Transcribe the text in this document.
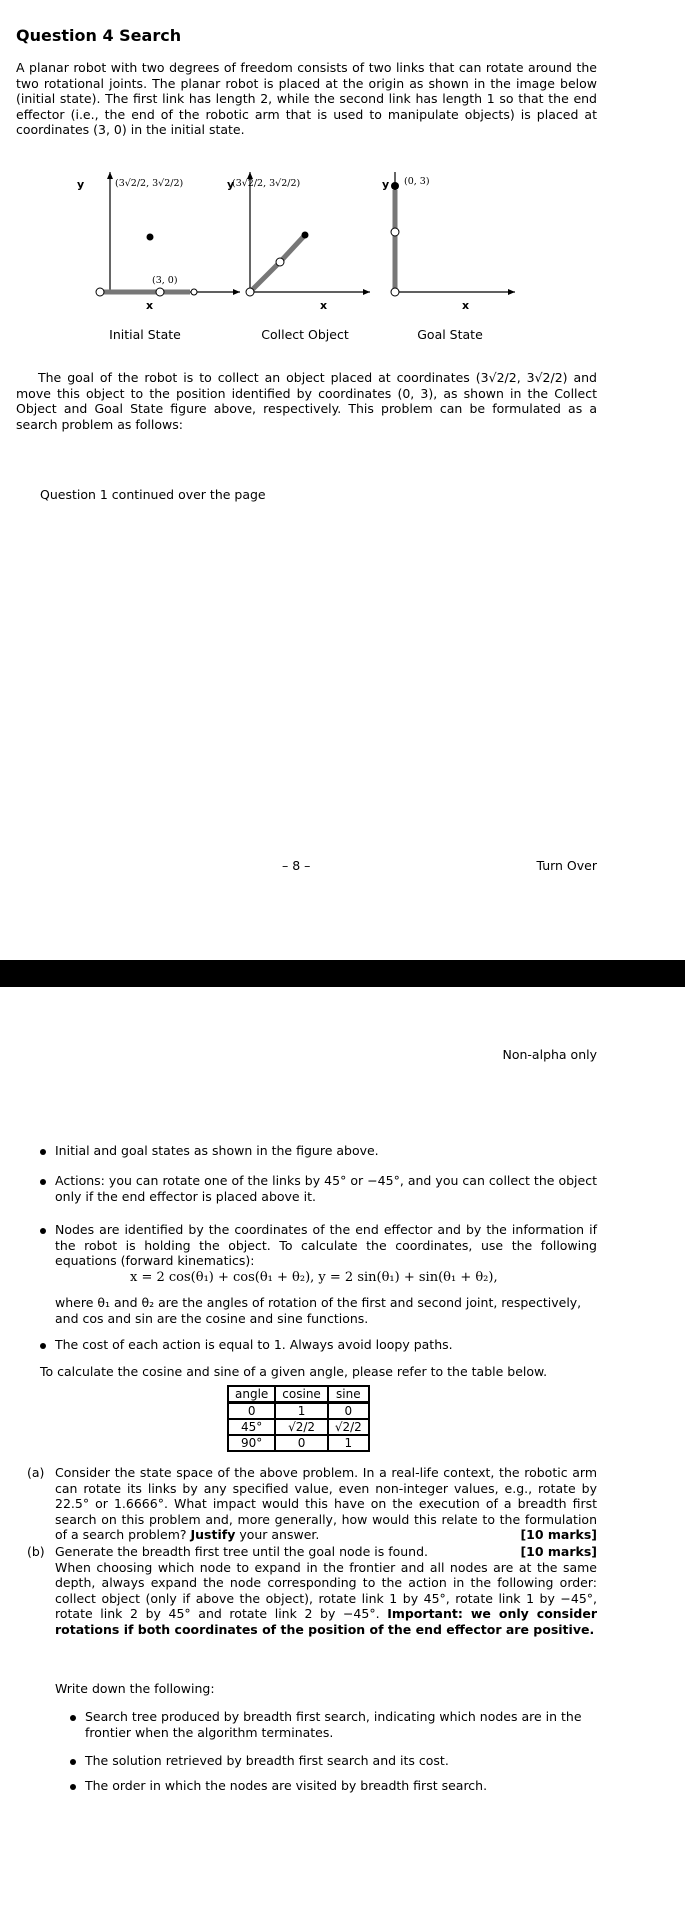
Question 4 Search

A planar robot with two degrees of freedom consists of two links that can rotate around the two rotational joints. The planar robot is placed at the origin as shown in the image below (initial state). The first link has length 2, while the second link has length 1 so that the end effector (i.e., the end of the robotic arm that is used to manipulate objects) is placed at coordinates (3, 0) in the initial state.

(3√2/2, 3√2/2)
(3, 0)
y
x
Initial State
(3√2/2, 3√2/2)
y
x
Collect Object
(0, 3)
y
x
Goal State

The goal of the robot is to collect an object placed at coordinates (3√2/2, 3√2/2) and move this object to the position identified by coordinates (0, 3), as shown in the Collect Object and Goal State figure above, respectively. This problem can be formulated as a search problem as follows:

Question 1 continued over the page
– 8 –	Turn Over
Non-alpha only
Initial and goal states as shown in the figure above.
Actions: you can rotate one of the links by 45° or −45°, and you can collect the object only if the end effector is placed above it.
Nodes are identified by the coordinates of the end effector and by the information if the robot is holding the object. To calculate the coordinates, use the following equations (forward kinematics):
x = 2 cos(θ₁) + cos(θ₁ + θ₂), y = 2 sin(θ₁) + sin(θ₁ + θ₂),
where θ₁ and θ₂ are the angles of rotation of the first and second joint, respectively, and cos and sin are the cosine and sine functions.
The cost of each action is equal to 1. Always avoid loopy paths.
To calculate the cosine and sine of a given angle, please refer to the table below.
angle	cosine	sine
0	1	0
45°	√2/2	√2/2
90°	0	1
(a) Consider the state space of the above problem. In a real-life context, the robotic arm can rotate its links by any specified value, even non-integer values, e.g., rotate by 22.5° or 1.6666°. What impact would this have on the execution of a breadth first search on this problem and, more generally, how would this relate to the formulation of a search problem? Justify your answer.	[10 marks]
(b) Generate the breadth first tree until the goal node is found.	[10 marks]
When choosing which node to expand in the frontier and all nodes are at the same depth, always expand the node corresponding to the action in the following order: collect object (only if above the object), rotate link 1 by 45°, rotate link 1 by −45°, rotate link 2 by 45° and rotate link 2 by −45°. Important: we only consider rotations if both coordinates of the position of the end effector are positive.
Write down the following:
Search tree produced by breadth first search, indicating which nodes are in the frontier when the algorithm terminates.
The solution retrieved by breadth first search and its cost.
The order in which the nodes are visited by breadth first search.
